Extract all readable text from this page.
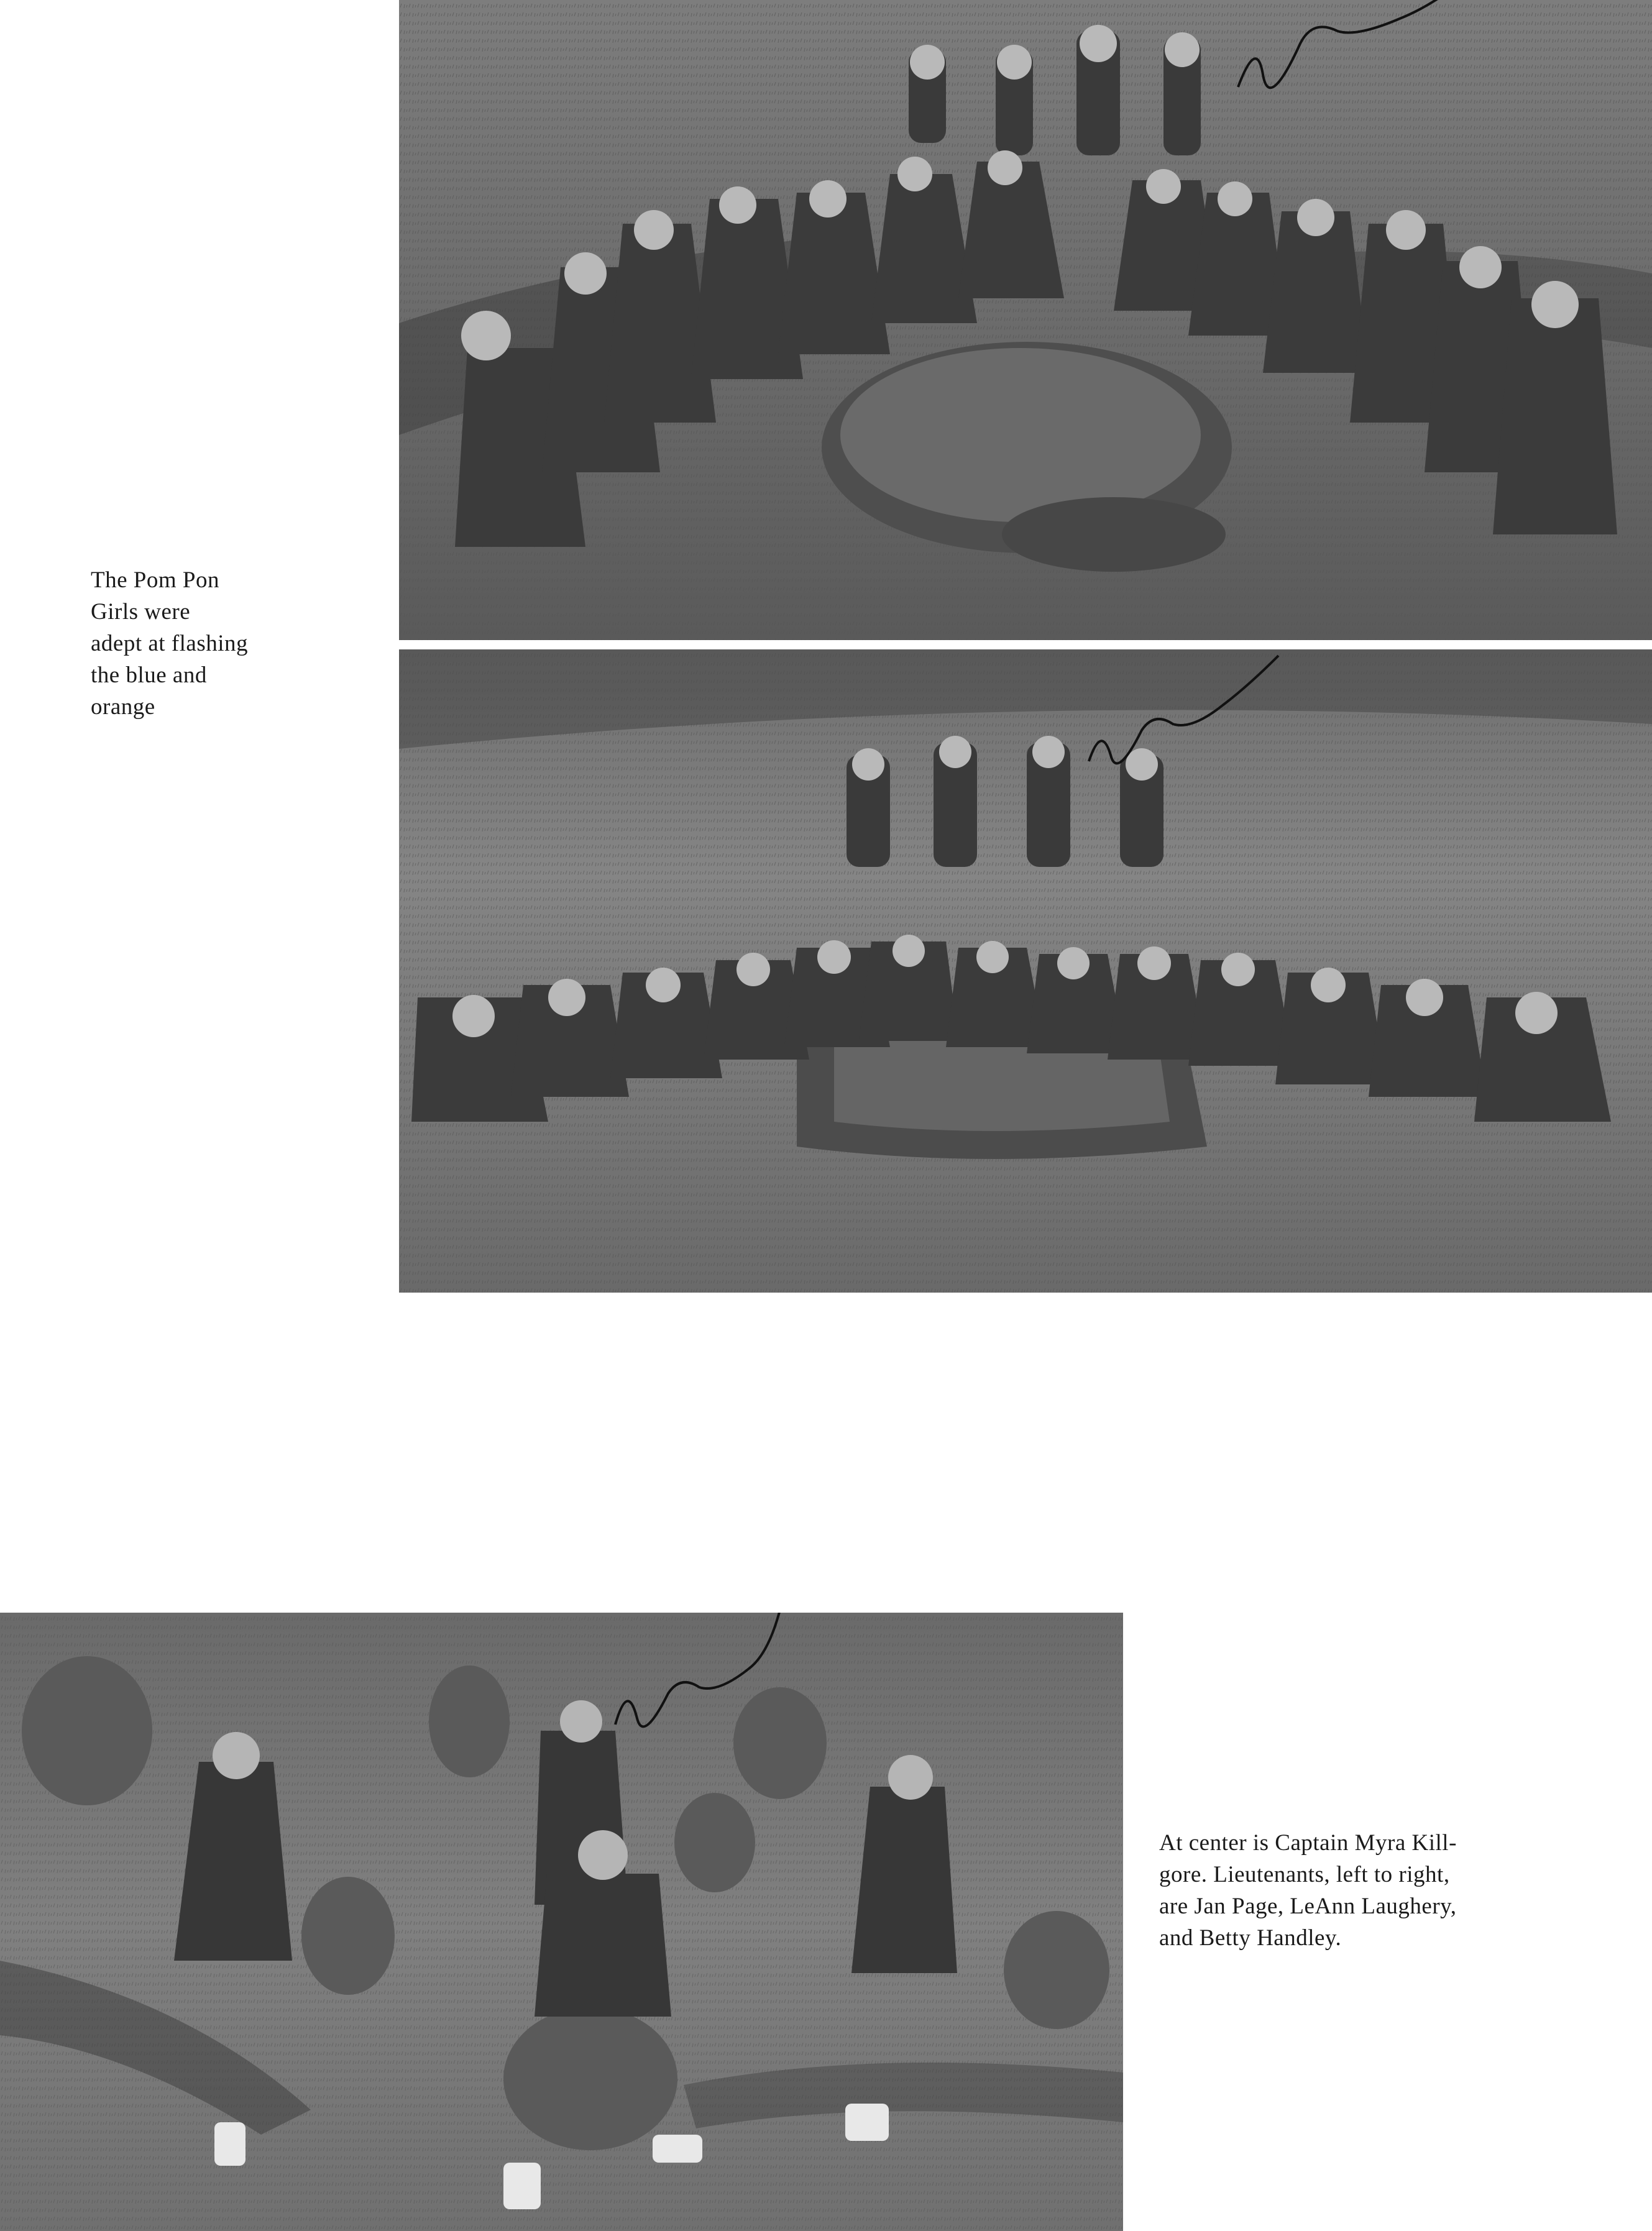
The Pom Pon
Girls were
adept at flashing
the blue and
orange
At center is Captain Myra Kill-
gore. Lieutenants, left to right,
are Jan Page, LeAnn Laughery,
and Betty Handley.
